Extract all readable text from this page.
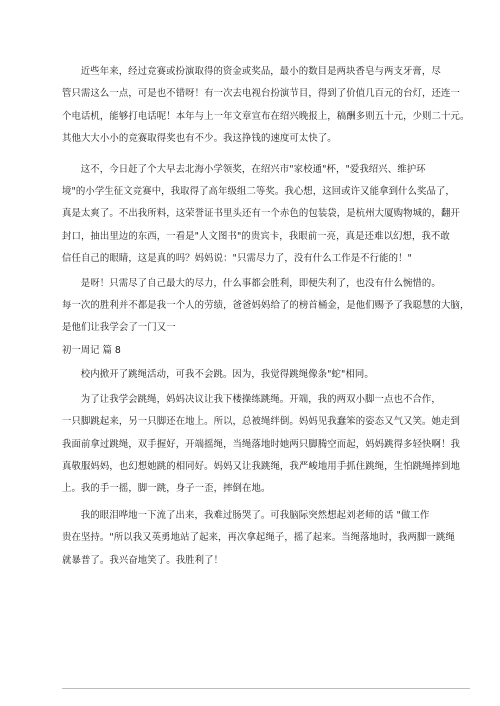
近些年来，经过竞赛或扮演取得的资金或奖品，最小的数目是两块香皂与两支牙膏，尽
管只需这么一点，可是也不错呀！有一次去电视台扮演节目，得到了价值几百元的台灯，还连一
个电话机，能够打电话呢！本年与上一年文章宣布在绍兴晚报上，稿酬多则五十元，少则二十元。
其他大大小小的竞赛取得奖也有不少。我这挣钱的速度可太快了。
这不，今日赶了个大早去北海小学领奖，在绍兴市"家校通"杯，"爱我绍兴、维护环
境"的小学生征文竞赛中，我取得了高年级组二等奖。我心想，这回或许又能拿到什么奖品了，
真是太爽了。不出我所料，这荣誉证书里头还有一个赤色的包装袋，是杭州大厦购物城的，翻开
封口，抽出里边的东西，一看是"人文图书"的贵宾卡，我眼前一亮，真是还难以幻想，我不敢
信任自己的眼睛，这是真的吗？妈妈说："只需尽力了，没有什么工作是不行能的！"
是呀！只需尽了自己最大的尽力，什么事都会胜利，即便失利了，也没有什么惋惜的。
每一次的胜利并不都是我一个人的劳绩，爸爸妈妈给了的榜首桶金，是他们赐予了我聪慧的大脑，
是他们让我学会了一门又一
初一周记 篇 8
校内掀开了跳绳活动，可我不会跳。因为，我觉得跳绳像条"蛇"相同。
为了让我学会跳绳，妈妈决议让我下楼操练跳绳。开端，我的两双小脚一点也不合作，
一只脚跳起来，另一只脚还在地上。所以，总被绳绊倒。妈妈见我蠢笨的姿态又气又笑。她走到
我面前拿过跳绳，双手握好，开端摇绳，当绳落地时她两只脚腾空而起，妈妈跳得多轻快啊！我
真敬服妈妈，也幻想她跳的相同好。妈妈又让我跳绳，我严峻地用手抓住跳绳，生怕跳绳摔到地
上。我的手一摇，脚一跳，身子一歪，摔倒在地。
我的眼泪哗地一下流了出来，我难过肠哭了。可我脑际突然想起刘老师的话 "做工作
贵在坚持。"所以我又英勇地站了起来，再次拿起绳子，摇了起来。当绳落地时，我两脚一跳绳
就暴普了。我兴奋地笑了。我胜利了！
